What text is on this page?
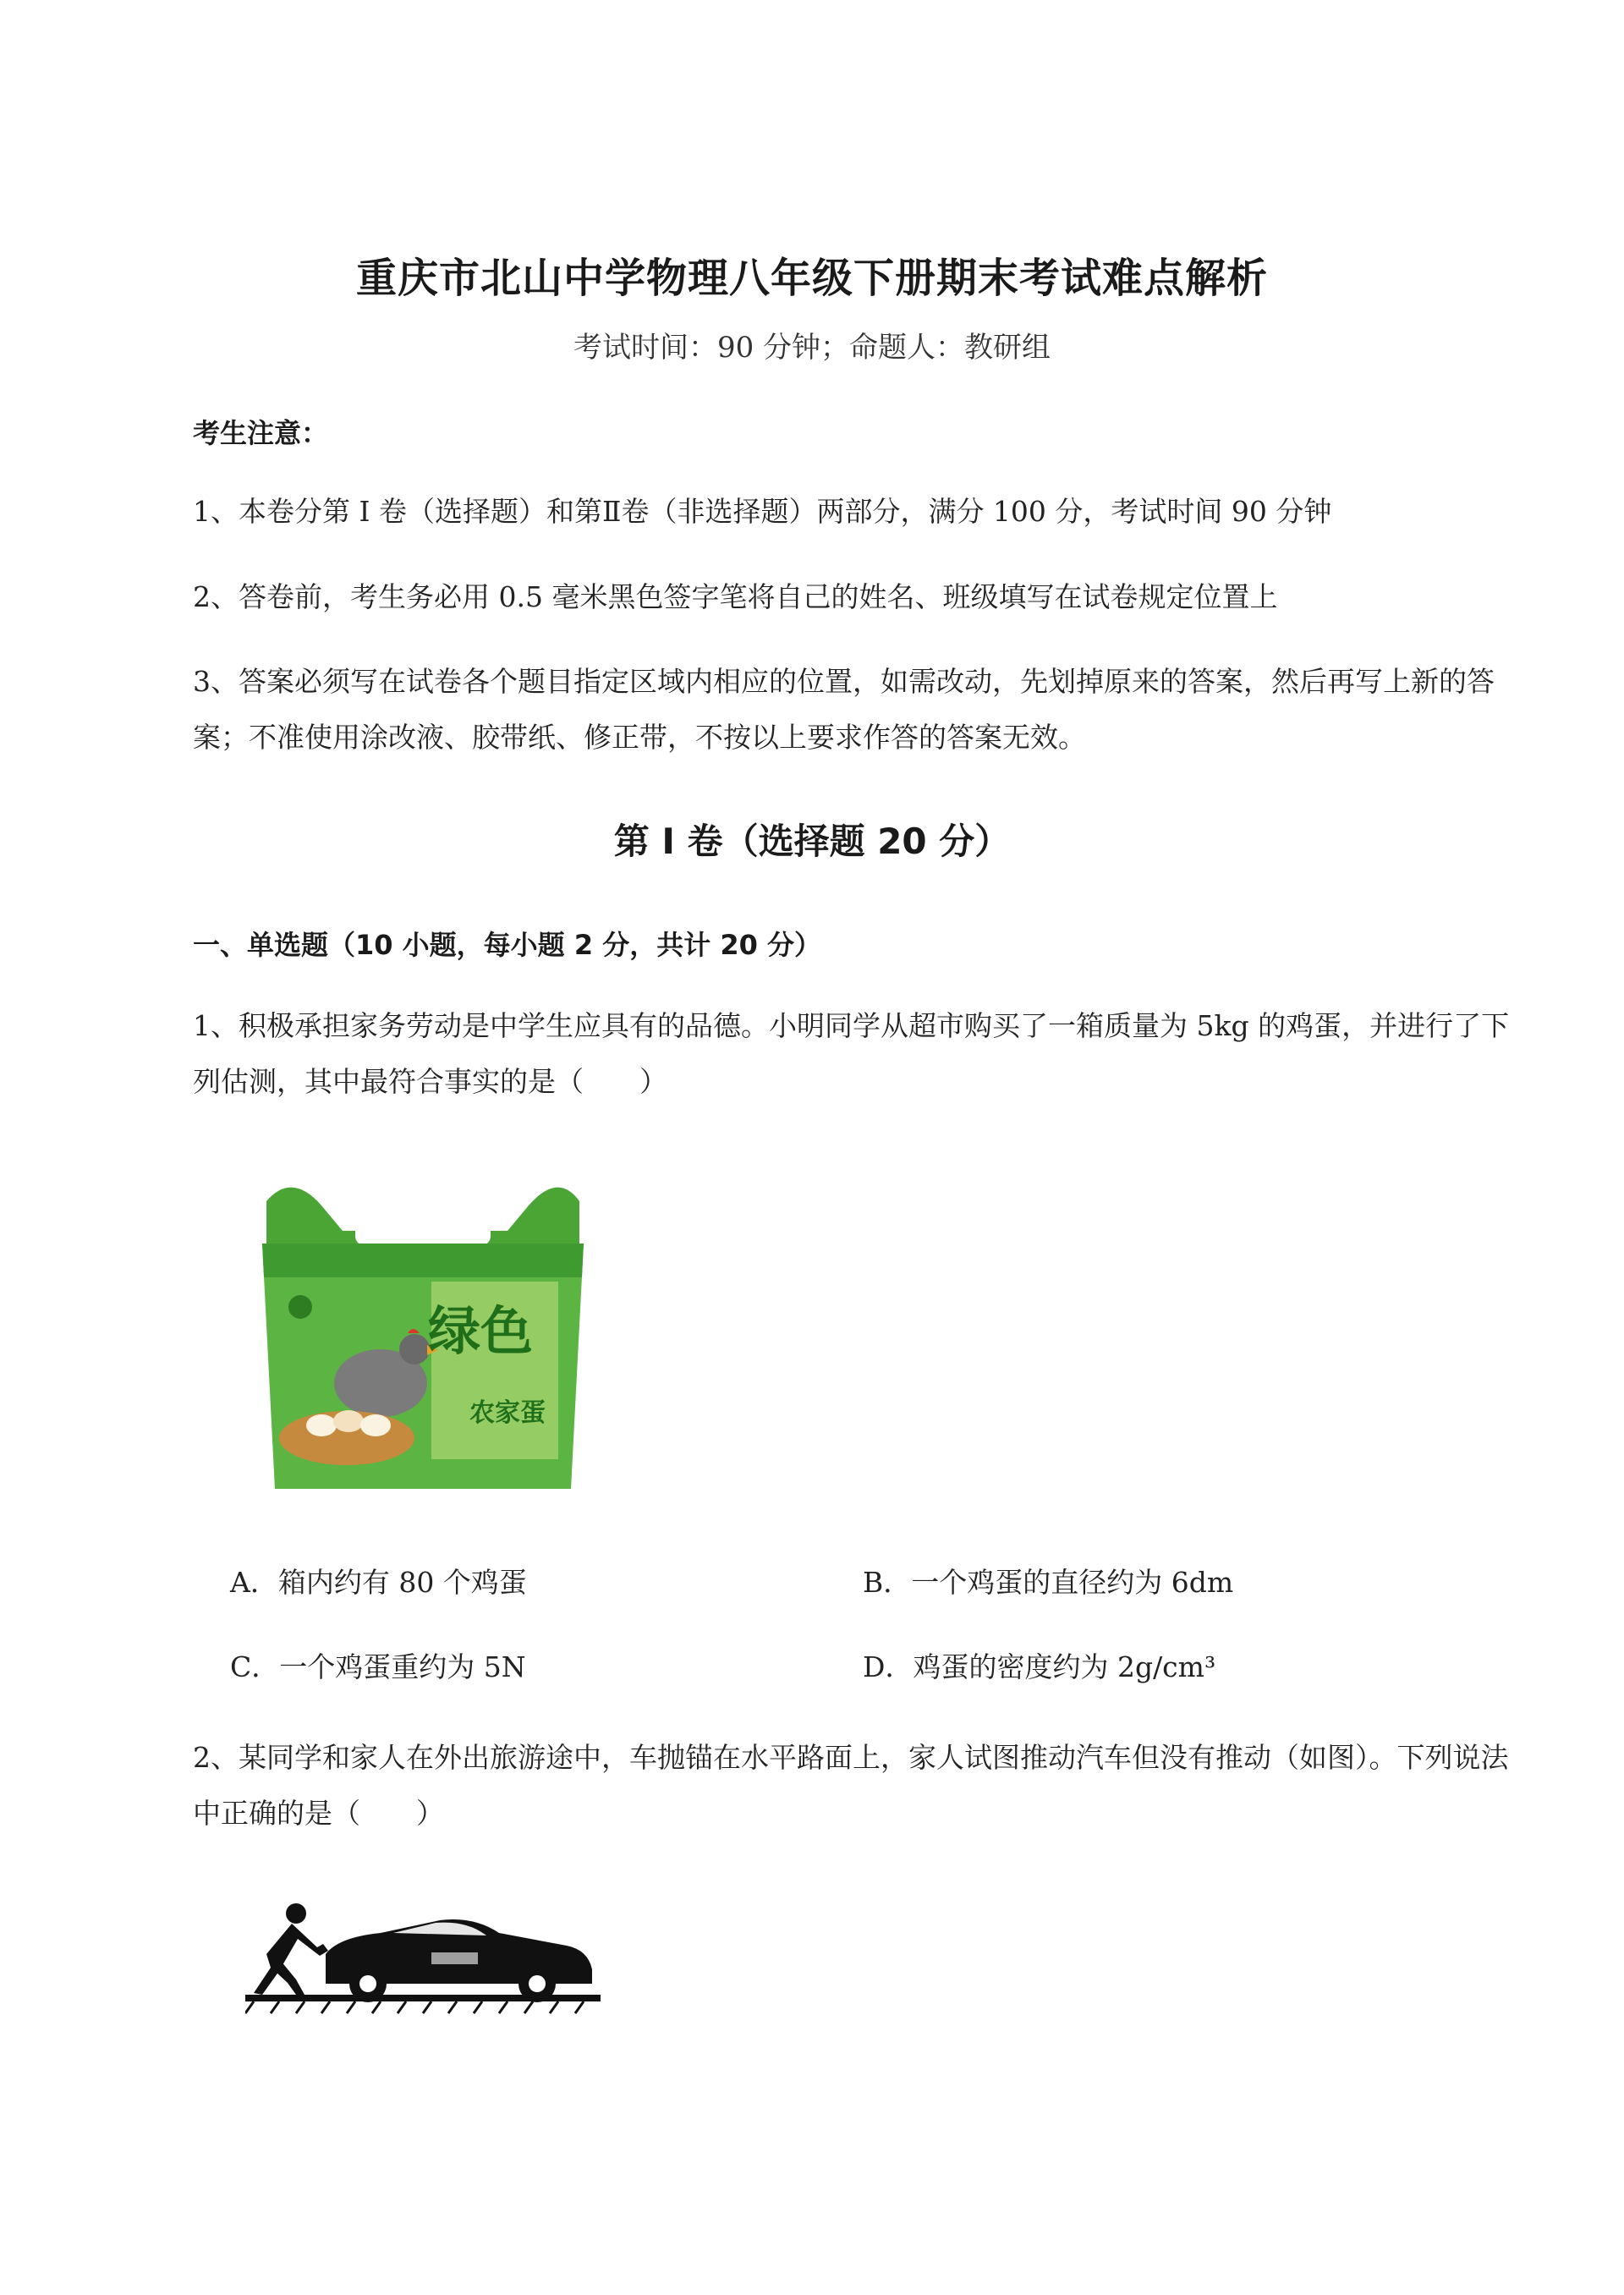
重庆市北山中学物理八年级下册期末考试难点解析
考试时间：90 分钟；命题人：教研组
考生注意：
1、本卷分第 I 卷（选择题）和第Ⅱ卷（非选择题）两部分，满分 100 分，考试时间 90 分钟
2、答卷前，考生务必用 0.5 毫米黑色签字笔将自己的姓名、班级填写在试卷规定位置上
3、答案必须写在试卷各个题目指定区域内相应的位置，如需改动，先划掉原来的答案，然后再写上新的答案；不准使用涂改液、胶带纸、修正带，不按以上要求作答的答案无效。
第 I 卷（选择题 20 分）
一、单选题（10 小题，每小题 2 分，共计 20 分）
1、积极承担家务劳动是中学生应具有的品德。小明同学从超市购买了一箱质量为 5kg 的鸡蛋，并进行了下列估测，其中最符合事实的是（　　）
绿色
农家蛋
A．箱内约有 80 个鸡蛋	B．一个鸡蛋的直径约为 6dm
C．一个鸡蛋重约为 5N	D．鸡蛋的密度约为 2g/cm³
2、某同学和家人在外出旅游途中，车抛锚在水平路面上，家人试图推动汽车但没有推动（如图）。下列说法中正确的是（　　）
